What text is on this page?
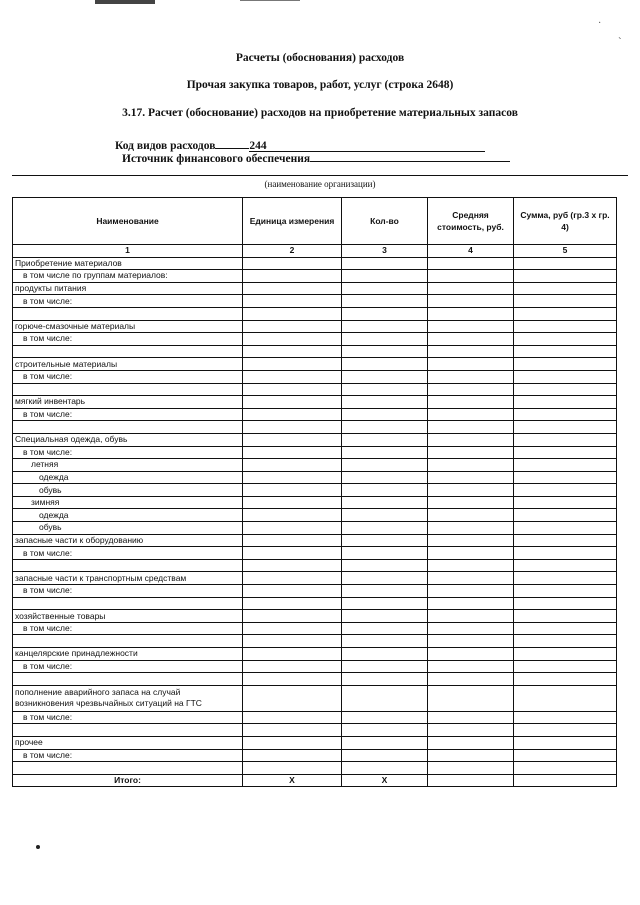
·
`
Расчеты (обоснования) расходов
Прочая закупка товаров, работ, услуг (строка 2648)
3.17. Расчет (обоснование) расходов на приобретение материальных запасов
Код видов расходов	244
Источник финансового обеспечения
(наименование организации)
Наименование	Единица измерения	Кол-во	Средняя стоимость, руб.	Сумма, руб (гр.3 х гр. 4)
1	2	3	4	5
Приобретение материалов				
в том числе по группам материалов:				
продукты питания				
в том числе:				

горюче-смазочные материалы				
в том числе:				

строительные материалы				
в том числе:				

мягкий инвентарь				
в том числе:				

Специальная одежда, обувь				
в том числе:				
летняя				
одежда				
обувь				
зимняя				
одежда				
обувь				
запасные части к оборудованию				
в том числе:				

запасные части к транспортным средствам				
в том числе:				

хозяйственные товары				
в том числе:				

канцелярские принадлежности				
в том числе:				

пополнение аварийного запаса на случай возникновения чрезвычайных ситуаций на ГТС				
в том числе:				

прочее				
в том числе:				

Итого:	X	X		
